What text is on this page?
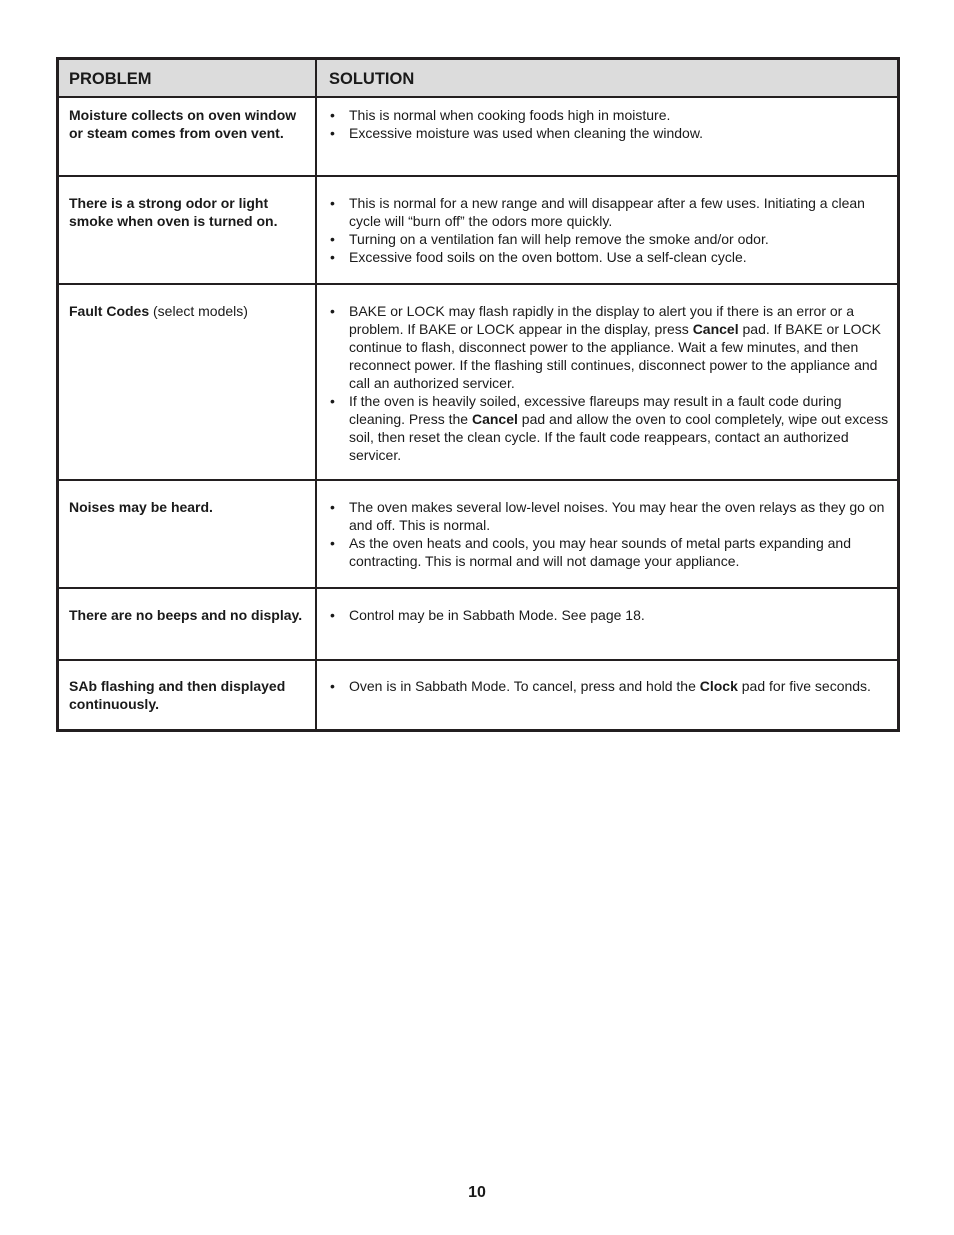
PROBLEM	SOLUTION
Moisture collects on oven window or steam comes from oven vent.
• This is normal when cooking foods high in moisture.
• Excessive moisture was used when cleaning the window.
There is a strong odor or light smoke when oven is turned on.
• This is normal for a new range and will disappear after a few uses. Initiating a clean cycle will “burn off” the odors more quickly.
• Turning on a ventilation fan will help remove the smoke and/or odor.
• Excessive food soils on the oven bottom. Use a self-clean cycle.
Fault Codes (select models)	• BAKE or LOCK may flash rapidly in the display to alert you if there is an error or a problem. If BAKE or LOCK appear in the display, press Cancel pad. If BAKE or LOCK continue to flash, disconnect power to the appliance. Wait a few minutes, and then reconnect power. If the flashing still continues, disconnect power to the appliance and call an authorized servicer.
• If the oven is heavily soiled, excessive flareups may result in a fault code during cleaning. Press the Cancel pad and allow the oven to cool completely, wipe out excess soil, then reset the clean cycle. If the fault code reappears, contact an authorized servicer.
Noises may be heard.	• The oven makes several low-level noises. You may hear the oven relays as they go on and off. This is normal.
• As the oven heats and cools, you may hear sounds of metal parts expanding and contracting. This is normal and will not damage your appliance.
There are no beeps and no display. • Control may be in Sabbath Mode. See page 18.
SAb flashing and then displayed continuously.
• Oven is in Sabbath Mode. To cancel, press and hold the Clock pad for five seconds.
10
